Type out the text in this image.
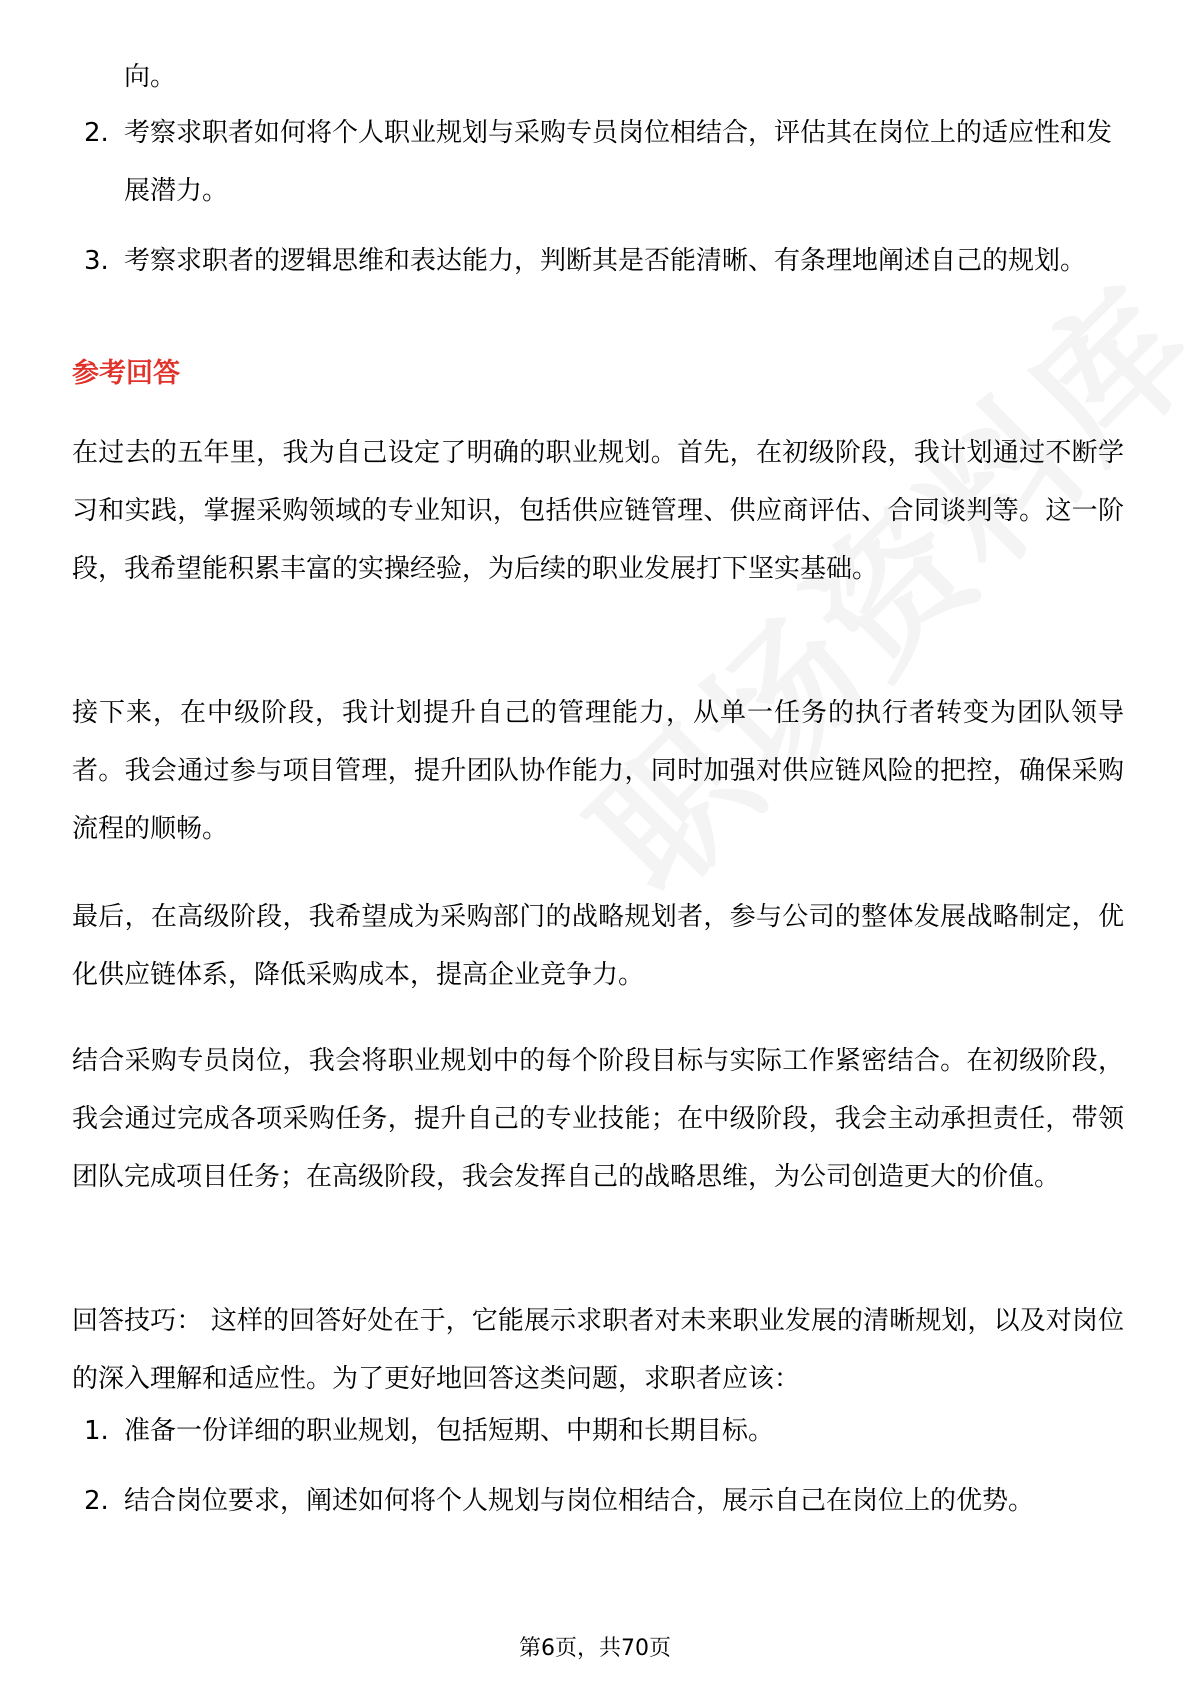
向。
2. 考察求职者如何将个人职业规划与采购专员岗位相结合，评估其在岗位上的适应性和发展潜力。
3. 考察求职者的逻辑思维和表达能力，判断其是否能清晰、有条理地阐述自己的规划。
参考回答

在过去的五年里，我为自己设定了明确的职业规划。首先，在初级阶段，我计划通过不断学习和实践，掌握采购领域的专业知识，包括供应链管理、供应商评估、合同谈判等。这一阶段，我希望能积累丰富的实操经验，为后续的职业发展打下坚实基础。

接下来，在中级阶段，我计划提升自己的管理能力，从单一任务的执行者转变为团队领导者。我会通过参与项目管理，提升团队协作能力，同时加强对供应链风险的把控，确保采购流程的顺畅。

最后，在高级阶段，我希望成为采购部门的战略规划者，参与公司的整体发展战略制定，优化供应链体系，降低采购成本，提高企业竞争力。

结合采购专员岗位，我会将职业规划中的每个阶段目标与实际工作紧密结合。在初级阶段，我会通过完成各项采购任务，提升自己的专业技能；在中级阶段，我会主动承担责任，带领团队完成项目任务；在高级阶段，我会发挥自己的战略思维，为公司创造更大的价值。

回答技巧： 这样的回答好处在于，它能展示求职者对未来职业发展的清晰规划，以及对岗位的深入理解和适应性。为了更好地回答这类问题，求职者应该：

1. 准备一份详细的职业规划，包括短期、中期和长期目标。
2. 结合岗位要求，阐述如何将个人规划与岗位相结合，展示自己在岗位上的优势。
第6页，共70页
